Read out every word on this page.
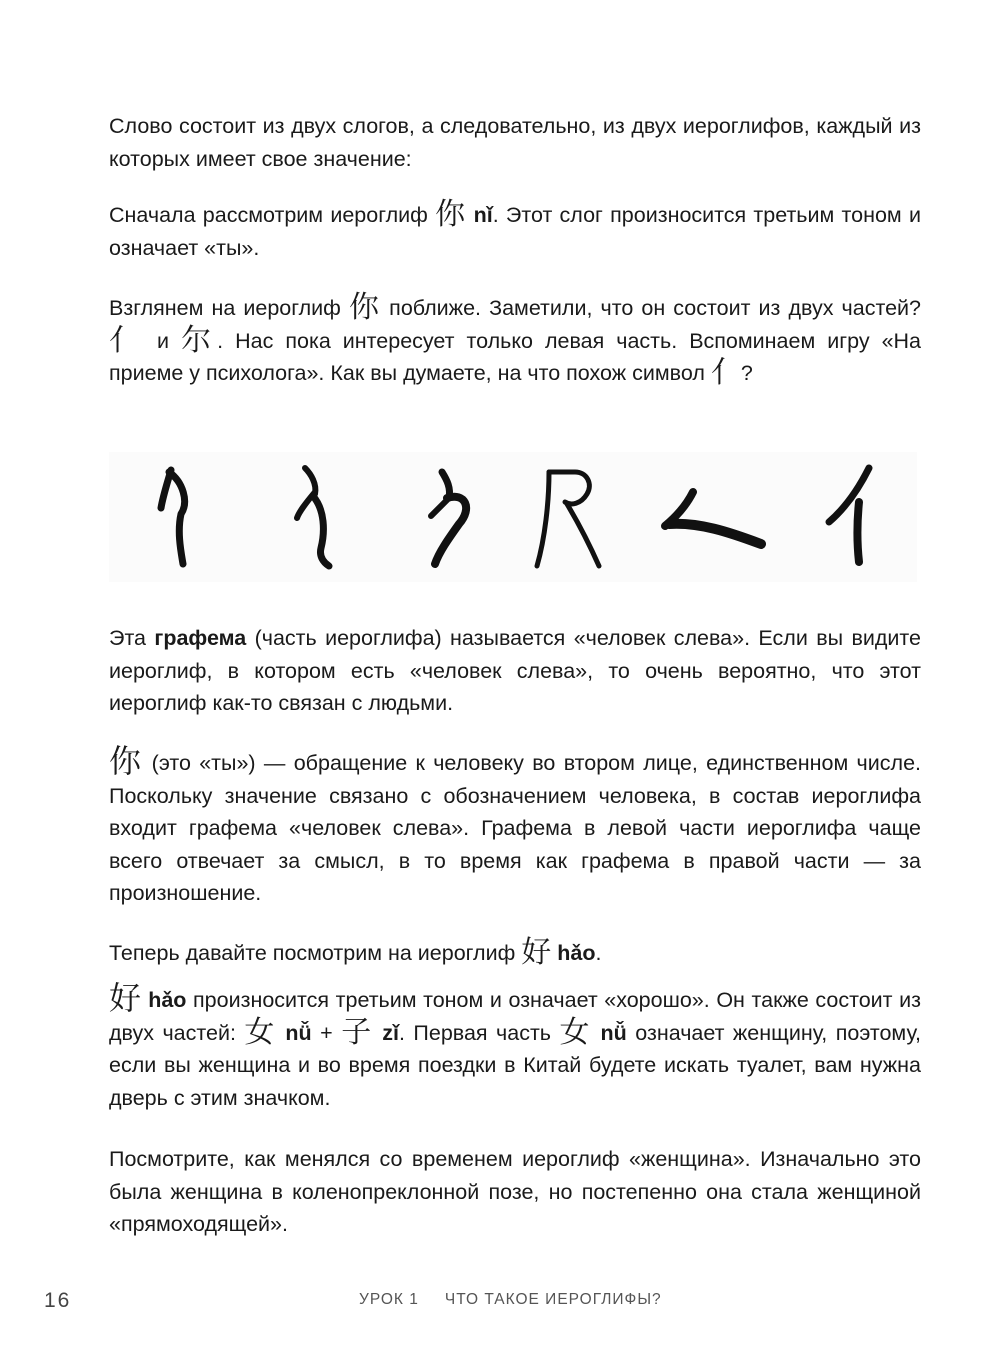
Слово состоит из двух слогов, а следовательно, из двух иероглифов, каждый из которых имеет свое значение:

Сначала рассмотрим иероглиф 你 nǐ. Этот слог произносится третьим тоном и означает «ты».

Взглянем на иероглиф 你 поближе. Заметили, что он состоит из двух частей? 亻 и 尔. Нас пока интересует только левая часть. Вспоминаем игру «На приеме у психолога». Как вы думаете, на что похож символ 亻?

Эта графема (часть иероглифа) называется «человек слева». Если вы видите иероглиф, в котором есть «человек слева», то очень вероятно, что этот иероглиф как-то связан с людьми.

你 (это «ты») — обращение к человеку во втором лице, единственном числе. Поскольку значение связано с обозначением человека, в состав иероглифа входит графема «человек слева». Графема в левой части иероглифа чаще всего отвечает за смысл, в то время как графема в правой части — за произношение.

Теперь давайте посмотрим на иероглиф 好 hǎo.

好 hǎo произносится третьим тоном и означает «хорошо». Он также состоит из двух частей: 女 nǚ + 子 zǐ. Первая часть 女 nǚ означает женщину, поэтому, если вы женщина и во время поездки в Китай будете искать туалет, вам нужна дверь с этим значком.

Посмотрите, как менялся со временем иероглиф «женщина». Изначально это была женщина в коленопреклонной позе, но постепенно она стала женщиной «прямоходящей».

16	УРОК 1 ЧТО ТАКОЕ ИЕРОГЛИФЫ?
